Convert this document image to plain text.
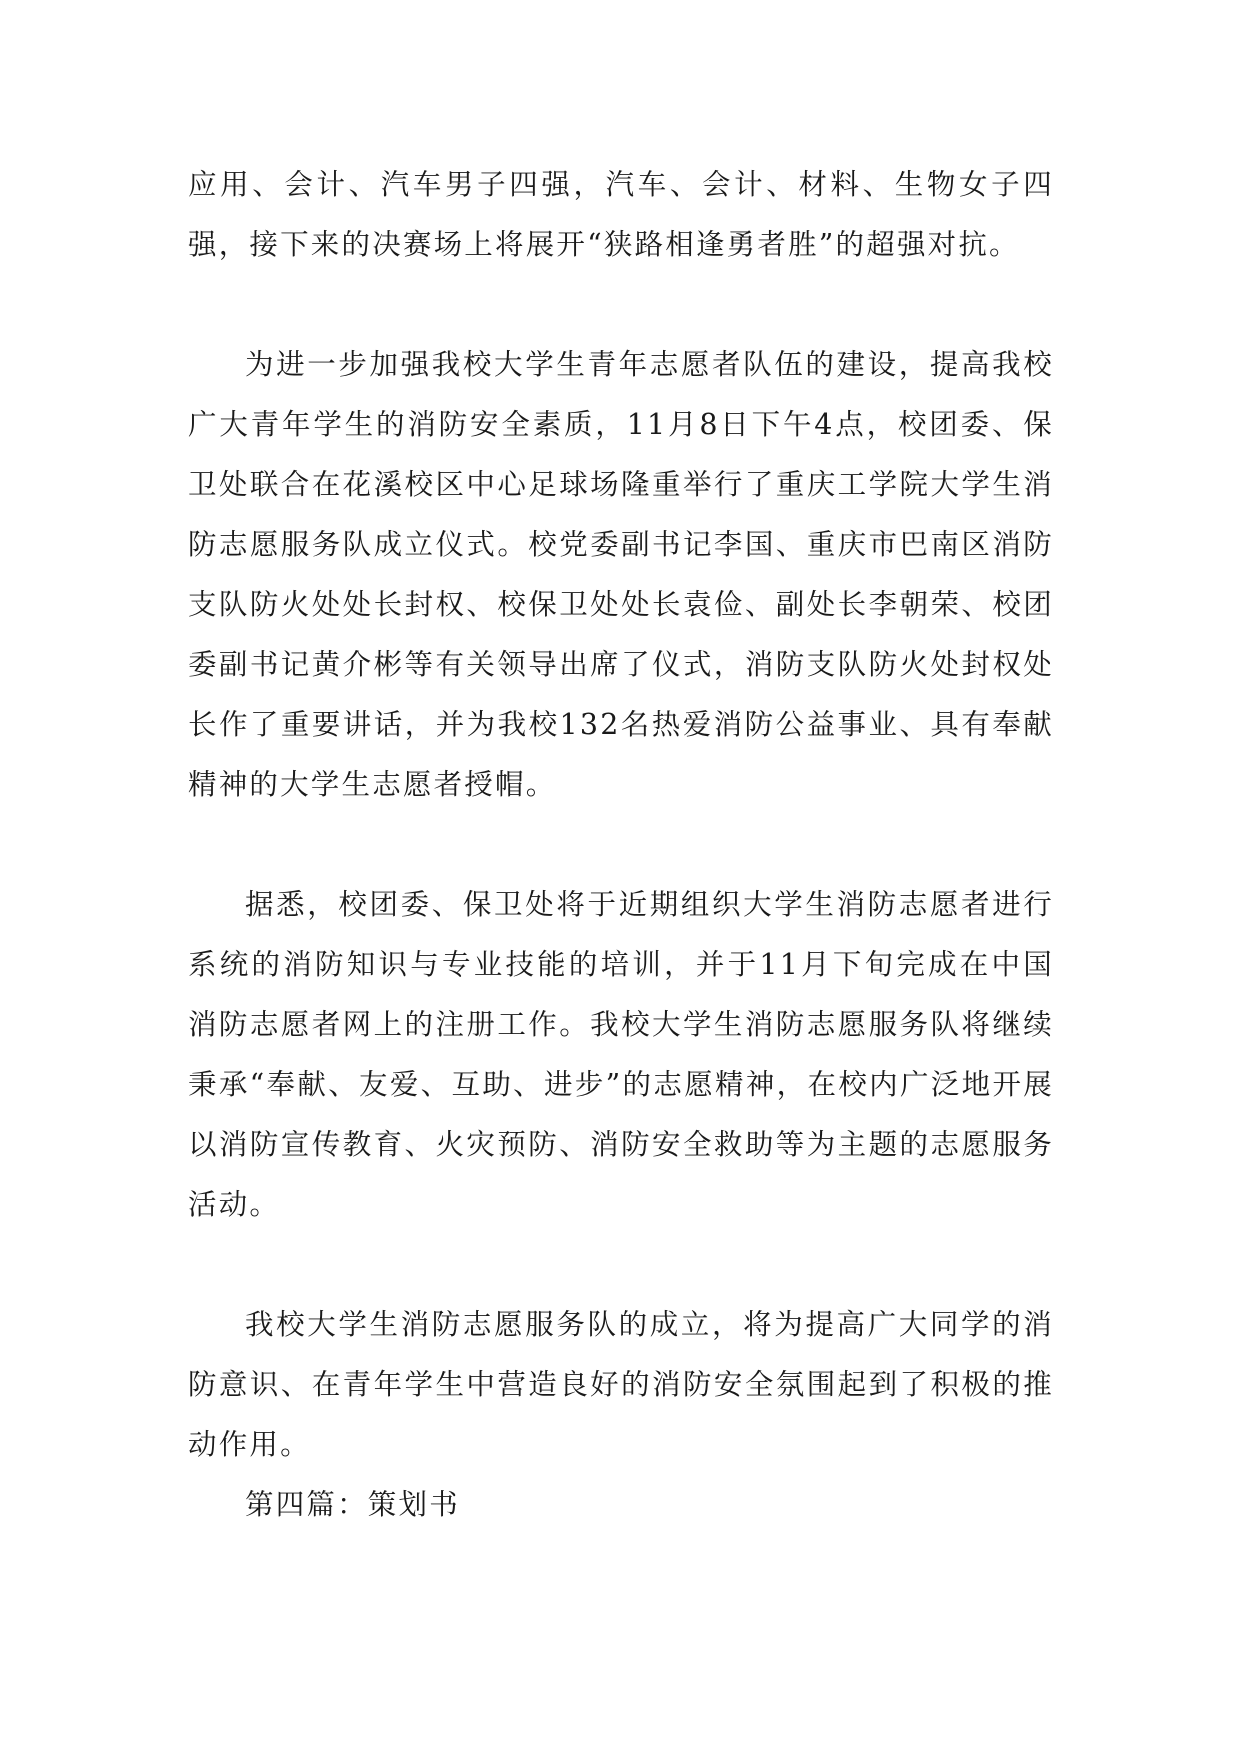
应用、会计、汽车男子四强，汽车、会计、材料、生物女子四强，接下来的决赛场上将展开“狭路相逢勇者胜”的超强对抗。

为进一步加强我校大学生青年志愿者队伍的建设，提高我校广大青年学生的消防安全素质，11月8日下午4点，校团委、保卫处联合在花溪校区中心足球场隆重举行了重庆工学院大学生消防志愿服务队成立仪式。校党委副书记李国、重庆市巴南区消防支队防火处处长封权、校保卫处处长袁俭、副处长李朝荣、校团委副书记黄介彬等有关领导出席了仪式，消防支队防火处封权处长作了重要讲话，并为我校132名热爱消防公益事业、具有奉献精神的大学生志愿者授帽。

据悉，校团委、保卫处将于近期组织大学生消防志愿者进行系统的消防知识与专业技能的培训，并于11月下旬完成在中国消防志愿者网上的注册工作。我校大学生消防志愿服务队将继续秉承“奉献、友爱、互助、进步”的志愿精神，在校内广泛地开展以消防宣传教育、火灾预防、消防安全救助等为主题的志愿服务活动。

我校大学生消防志愿服务队的成立，将为提高广大同学的消防意识、在青年学生中营造良好的消防安全氛围起到了积极的推动作用。

第四篇：策划书
